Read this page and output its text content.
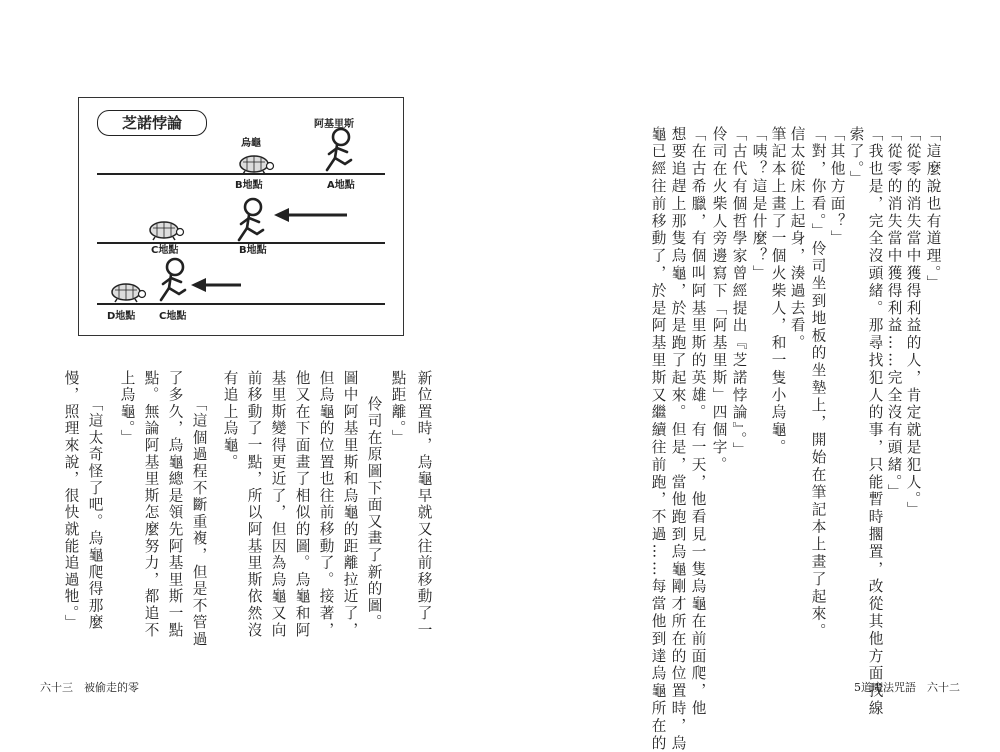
「這麼說也有道理。」
「從零的消失當中獲得利益的人，肯定就是犯人。」
「從零的消失當中獲得利益……完全沒有頭緒。」
「我也是，完全沒頭緒。那尋找犯人的事，只能暫時擱置，改從其他方面找線
索了。」
「其他方面？」
「對，你看。」伶司坐到地板的坐墊上，開始在筆記本上畫了起來。
信太從床上起身，湊過去看。
筆記本上畫了一個火柴人，和一隻小烏龜。
「咦？這是什麼？」
「古代有個哲學家曾經提出『芝諾悖論』。」
伶司在火柴人旁邊寫下「阿基里斯」四個字。
「在古希臘，有個叫阿基里斯的英雄。有一天，他看見一隻烏龜在前面爬，他
想要追趕上那隻烏龜，於是跑了起來。但是，當他跑到烏龜剛才所在的位置時，烏
龜已經往前移動了，於是阿基里斯又繼續往前跑，不過……每當他到達烏龜所在的
新位置時，烏龜早就又往前移動了一
點距離。」
伶司在原圖下面又畫了新的圖。
圖中阿基里斯和烏龜的距離拉近了，
但烏龜的位置也往前移動了。接著，
他又在下面畫了相似的圖。烏龜和阿
基里斯變得更近了，但因為烏龜又向
前移動了一點，所以阿基里斯依然沒
有追上烏龜。
「這個過程不斷重複，但是不管過
了多久，烏龜總是領先阿基里斯一點
點。無論阿基里斯怎麼努力，都追不
上烏龜。」
「這太奇怪了吧。烏龜爬得那麼
慢，照理來說，很快就能追過牠。」
芝諾悖論
烏龜
阿基里斯
B地點	A地點
C地點	B地點
D地點 C地點
六十三　被偷走的零	5道魔法咒語　六十二
